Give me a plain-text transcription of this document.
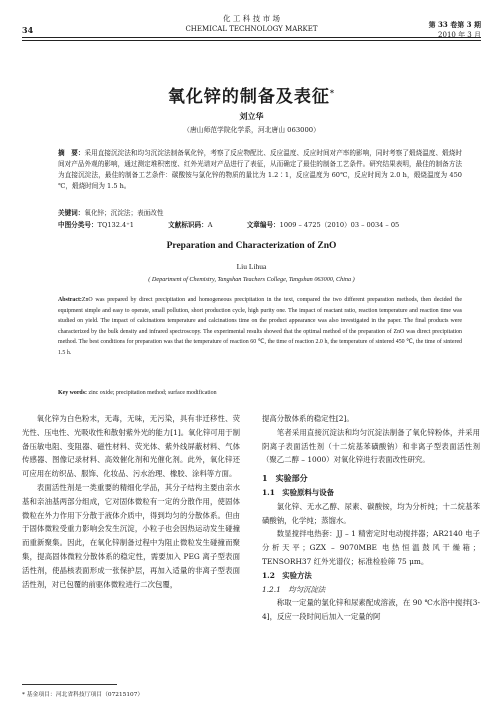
化 工 科 技 市 场
34	CHEMICAL TECHNOLOGY MARKET	第 33 卷第 3 期
2010 年 3 月
氧化锌的制备及表征*
刘立华
（唐山师范学院化学系，河北唐山 063000）
摘　要：采用直接沉淀法和均匀沉淀法制备氧化锌，考察了反应物配比、反应温度、反应时间对产率的影响，同时考察了煅烧温度、煅烧时间对产品外观的影响，通过测定堆积密度、红外光谱对产品进行了表征，从而确定了最佳的制备工艺条件。研究结果表明，最佳的制备方法为直接沉淀法，最佳的制备工艺条件：碳酸铵与氯化锌的物质的量比为 1.2∶1，反应温度为 60℃，反应时间为 2.0 h，煅烧温度为 450 ℃，煅烧时间为 1.5 h。
关键词：氧化锌；沉淀法；表面改性
中图分类号：TQ132.4⁺1	文献标识码：A	文章编号：1009 – 4725（2010）03 – 0034 – 05
Preparation and Characterization of ZnO
Liu Lihua
( Department of Chemistry, Tangshan Teachers College, Tangshan 063000, China )
Abstract:ZnO was prepared by direct precipitation and homogeneous precipitation in the text, compared the two different preparation methods, then decided the equipment simple and easy to operate, small pollution, short production cycle, high purity one. The impact of reactant ratio, reaction temperature and reaction time was studied on yield. The impact of calcinations temperature and calcinations time on the product appearance was also investigated in the paper. The final products were characterized by the bulk density and infrared spectroscopy. The experimental results showed that the optimal method of the preparation of ZnO was direct precipitation method. The best conditions for preparation was that the temperature of reaction 60 ℃, the time of reaction 2.0 h, the temperature of sintered 450 ℃, the time of sintered 1.5 h.
Key words: zinc oxide; precipitation method; surface modification

氧化锌为白色粉末，无毒，无味，无污染，具有非迁移性、荧光性、压电性、光吸收性和散射紫外光的能力[1]。氧化锌可用于制备压敏电阻、变阻器、磁性材料、荧光体、紫外线屏蔽材料、气体传感器、图像记录材料、高效催化剂和光催化剂。此外，氧化锌还可应用在纺织品、服饰、化妆品、污水治理、橡胶、涂料等方面。

表面活性剂是一类重要的精细化学品，其分子结构主要由亲水基和亲油基两部分组成，它对固体微粒有一定的分散作用，使固体微粒在外力作用下分散于液体介质中，得到均匀的分散体系。但由于固体微粒受重力影响会发生沉淀，小粒子也会因热运动发生碰撞而重新聚集。因此，在氧化锌制备过程中为阻止微粒发生碰撞而聚集，提高固体微粒分散体系的稳定性，需要加入 PEG 离子型表面活性剂，使晶核表面形成一张保护层，再加入适量的非离子型表面活性剂，对已包覆的前驱体微粒进行二次包覆，

* 基金项目：河北省科技厅项目（07215107）

提高分散体系的稳定性[2]。

笔者采用直接沉淀法和均匀沉淀法制备了氧化锌粉体，并采用阴离子表面活性剂（十二烷基苯磺酸钠）和非离子型表面活性剂（聚乙二醇 – 1000）对氧化锌进行表面改性研究。

1　实验部分

1.1　实验原料与设备

氯化锌、无水乙醇、尿素、碳酸铵，均为分析纯；十二烷基苯磺酸钠，化学纯；蒸馏水。

数显搅拌电热套：JJ – 1 精密定时电动搅拌器；AR2140 电子分析天平；GZX – 9070MBE 电热恒温鼓风干燥箱；TENSORH37 红外光谱仪；标准检验筛 75 μm。

1.2　实验方法

1.2.1　均匀沉淀法

称取一定量的氯化锌和尿素配成溶液，在 90 ℃水浴中搅拌[3-4]，反应一段时间后加入一定量的阿
